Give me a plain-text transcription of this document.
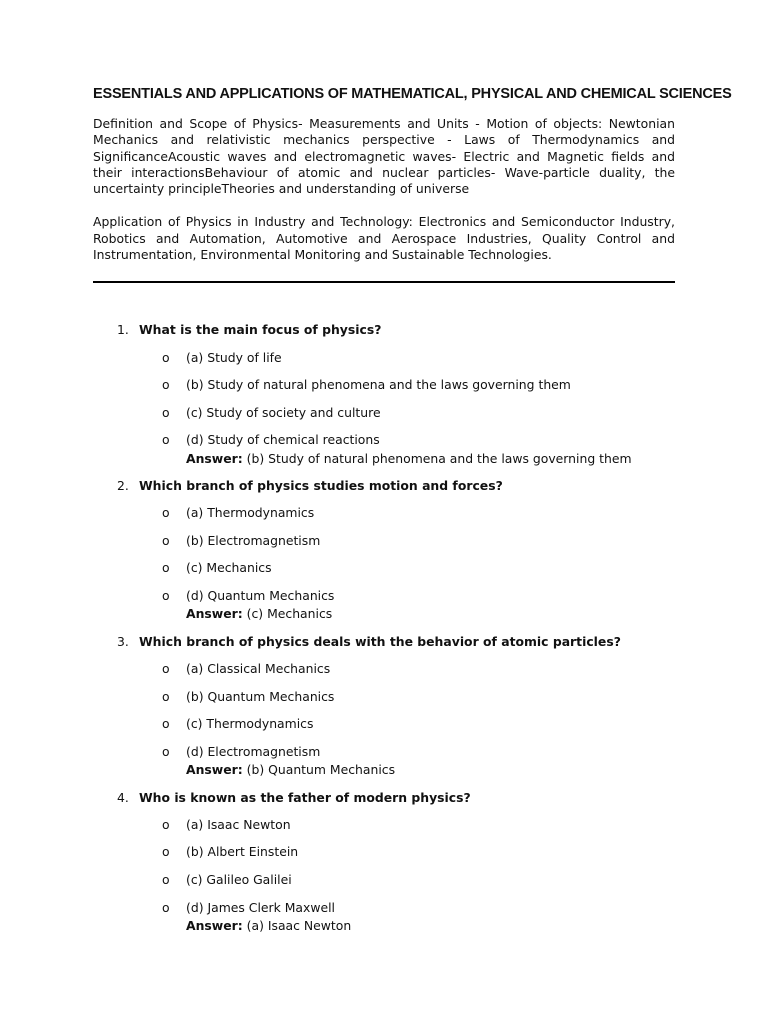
ESSENTIALS AND APPLICATIONS OF MATHEMATICAL, PHYSICAL AND CHEMICAL SCIENCES

Definition and Scope of Physics- Measurements and Units - Motion of objects: Newtonian Mechanics and relativistic mechanics perspective - Laws of Thermodynamics and SignificanceAcoustic waves and electromagnetic waves- Electric and Magnetic fields and their interactionsBehaviour of atomic and nuclear particles- Wave-particle duality, the uncertainty principleTheories and understanding of universe

Application of Physics in Industry and Technology: Electronics and Semiconductor Industry, Robotics and Automation, Automotive and Aerospace Industries, Quality Control and Instrumentation, Environmental Monitoring and Sustainable Technologies.

1. What is the main focus of physics?
o (a) Study of life
o (b) Study of natural phenomena and the laws governing them
o (c) Study of society and culture
o (d) Study of chemical reactions
Answer: (b) Study of natural phenomena and the laws governing them
2. Which branch of physics studies motion and forces?
o (a) Thermodynamics
o (b) Electromagnetism
o (c) Mechanics
o (d) Quantum Mechanics
Answer: (c) Mechanics
3. Which branch of physics deals with the behavior of atomic particles?
o (a) Classical Mechanics
o (b) Quantum Mechanics
o (c) Thermodynamics
o (d) Electromagnetism
Answer: (b) Quantum Mechanics
4. Who is known as the father of modern physics?
o (a) Isaac Newton
o (b) Albert Einstein
o (c) Galileo Galilei
o (d) James Clerk Maxwell
Answer: (a) Isaac Newton
